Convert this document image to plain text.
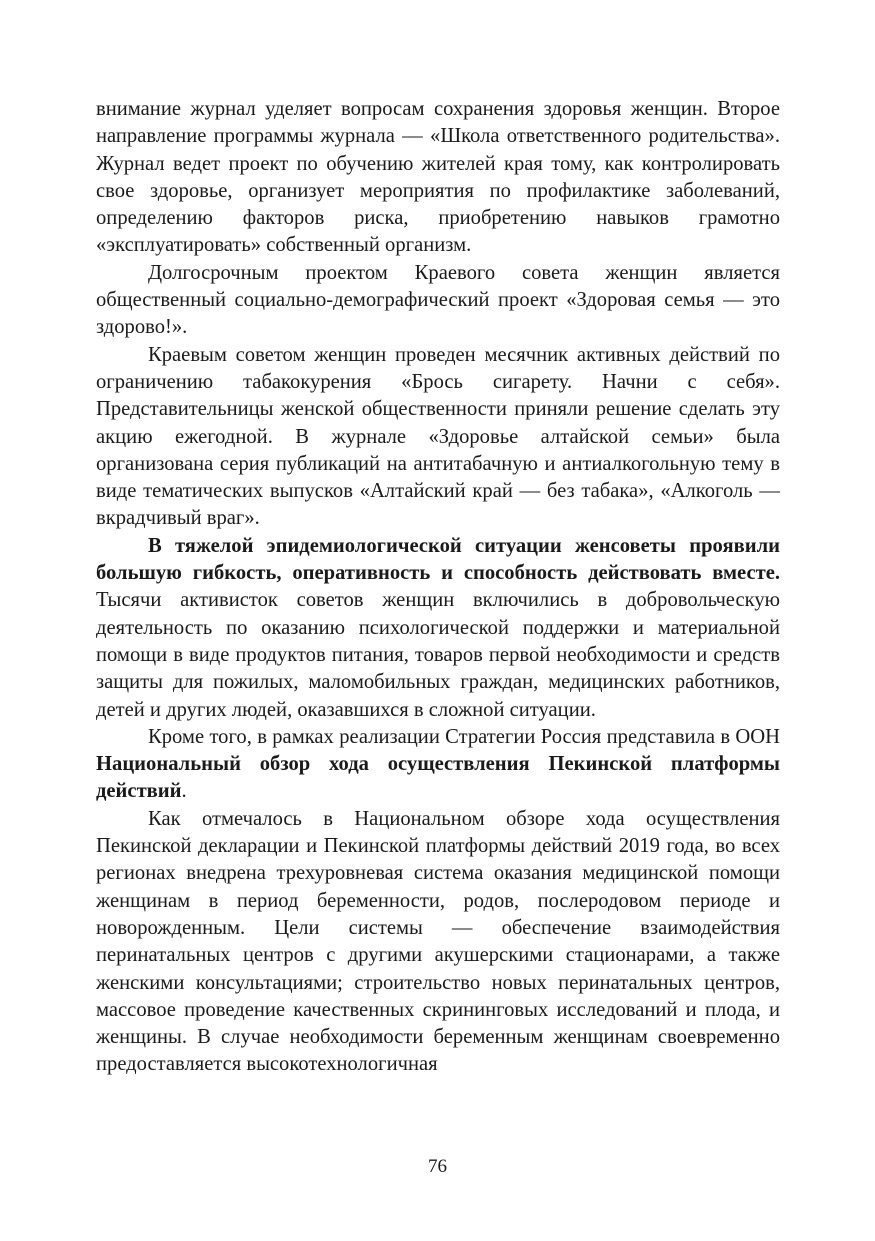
внимание журнал уделяет вопросам сохранения здоровья женщин. Второе направление программы журнала — «Школа ответственного родительства». Журнал ведет проект по обучению жителей края тому, как контролировать свое здоровье, организует мероприятия по профилактике заболеваний, определению факторов риска, приобретению навыков грамотно «эксплуатировать» собственный организм.

Долгосрочным проектом Краевого совета женщин является общественный социально-демографический проект «Здоровая семья — это здорово!».

Краевым советом женщин проведен месячник активных действий по ограничению табакокурения «Брось сигарету. Начни с себя». Представительницы женской общественности приняли решение сделать эту акцию ежегодной. В журнале «Здоровье алтайской семьи» была организована серия публикаций на антитабачную и антиалкогольную тему в виде тематических выпусков «Алтайский край — без табака», «Алкоголь — вкрадчивый враг».

В тяжелой эпидемиологической ситуации женсоветы проявили большую гибкость, оперативность и способность действовать вместе. Тысячи активисток советов женщин включились в добровольческую деятельность по оказанию психологической поддержки и материальной помощи в виде продуктов питания, товаров первой необходимости и средств защиты для пожилых, маломобильных граждан, медицинских работников, детей и других людей, оказавшихся в сложной ситуации.

Кроме того, в рамках реализации Стратегии Россия представила в ООН Национальный обзор хода осуществления Пекинской платформы действий.

Как отмечалось в Национальном обзоре хода осуществления Пекинской декларации и Пекинской платформы действий 2019 года, во всех регионах внедрена трехуровневая система оказания медицинской помощи женщинам в период беременности, родов, послеродовом периоде и новорожденным. Цели системы — обеспечение взаимодействия перинатальных центров с другими акушерскими стационарами, а также женскими консультациями; строительство новых перинатальных центров, массовое проведение качественных скрининговых исследований и плода, и женщины. В случае необходимости беременным женщинам своевременно предоставляется высокотехнологичная

76
